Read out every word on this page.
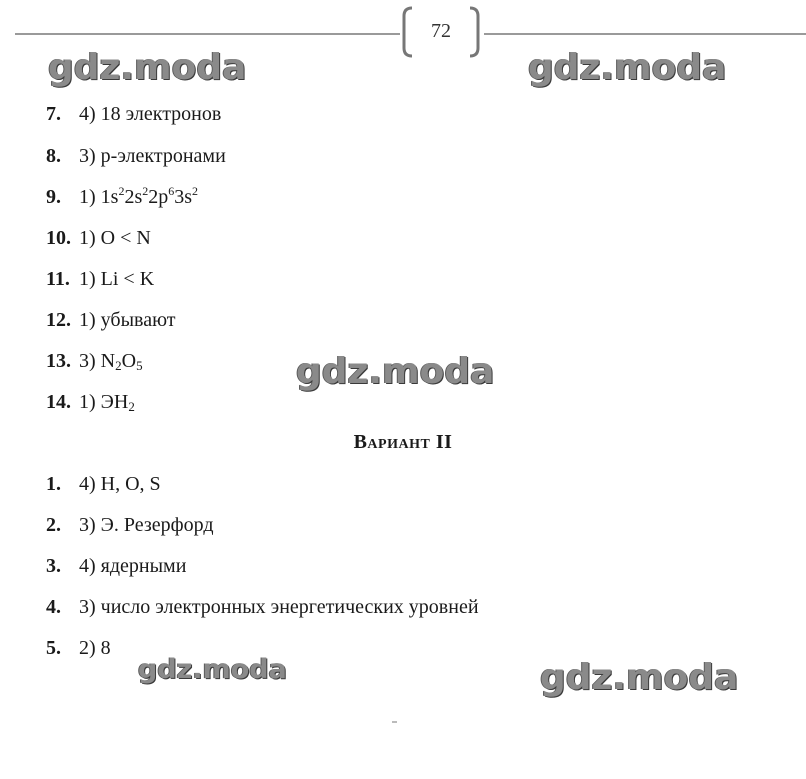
72
gdz.moda	gdz.moda
gdz.moda
gdz.moda	gdz.moda
7. 4) 18 электронов
8. 3) p-электронами
9. 1) $1s^22s^22p^63s^2$
10. 1) O < N
11. 1) Li < K
12. 1) убывают
13. 3) $N_2O_5$
14. 1) $ЭH_2$
Вариант II
1. 4) H, O, S
2. 3) Э. Резерфорд
3. 4) ядерными
4. 3) число электронных энергетических уровней
5. 2) 8
